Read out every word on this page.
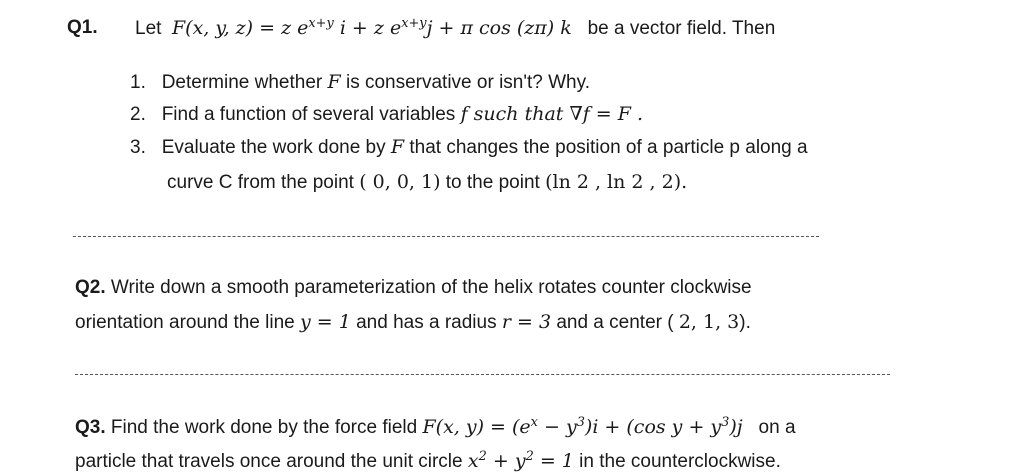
Q1. Let F(x, y, z) = z $e^{x+y}$ i + z $e^{x+y}j + \pi$ cos (zπ) k be a vector field. Then
1. Determine whether F is conservative or isn't? Why.
2. Find a function of several variables f such that ∇f = F .
3. Evaluate the work done by F that changes the position of a particle p along a
curve C from the point ( 0, 0, 1) to the point (ln 2 , ln 2 , 2).
Q2. Write down a smooth parameterization of the helix rotates counter clockwise
orientation around the line y = 1 and has a radius r = 3 and a center ( 2, 1, 3).
Q3. Find the work done by the force field F(x, $y) = (e^x - y^3)i + (\cos$ $y + y^3)j$ on a
particle that travels once around the unit circle $x^2 + y^2 = 1$ in the counterclockwise.
